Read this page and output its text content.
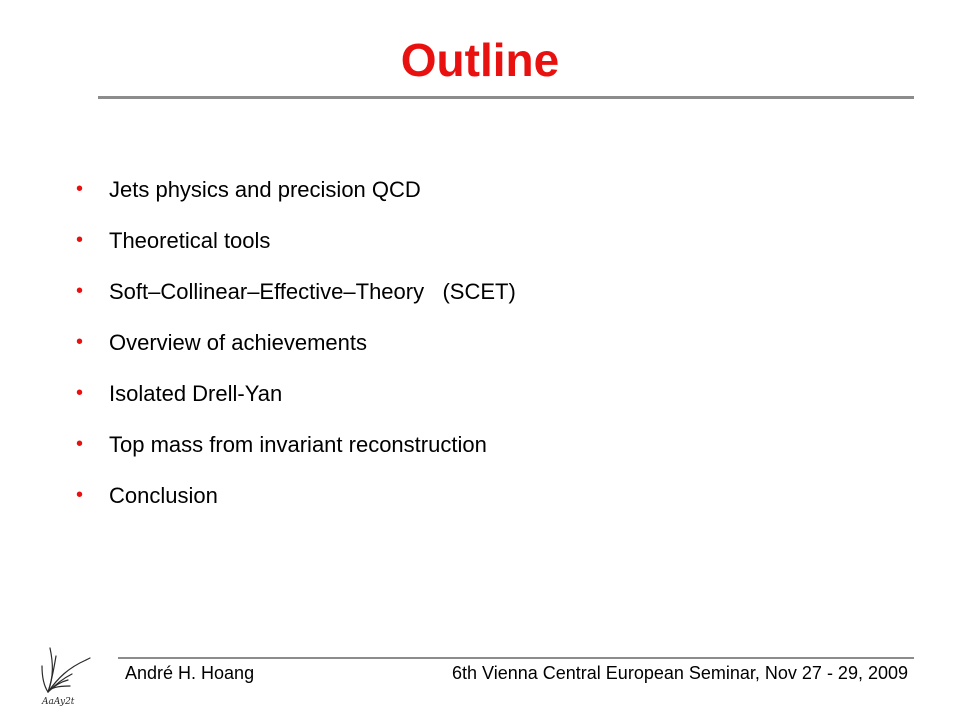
Outline

•

	Jets physics and precision QCD

•

	Theoretical tools

•

	Soft–Collinear–Effective–Theory   (SCET)

•

	Overview of achievements

•

	Isolated Drell-Yan

•

	Top mass from invariant reconstruction

•

	Conclusion

AaAy2t
André H. Hoang	6th Vienna Central European Seminar, Nov 27 - 29, 2009
